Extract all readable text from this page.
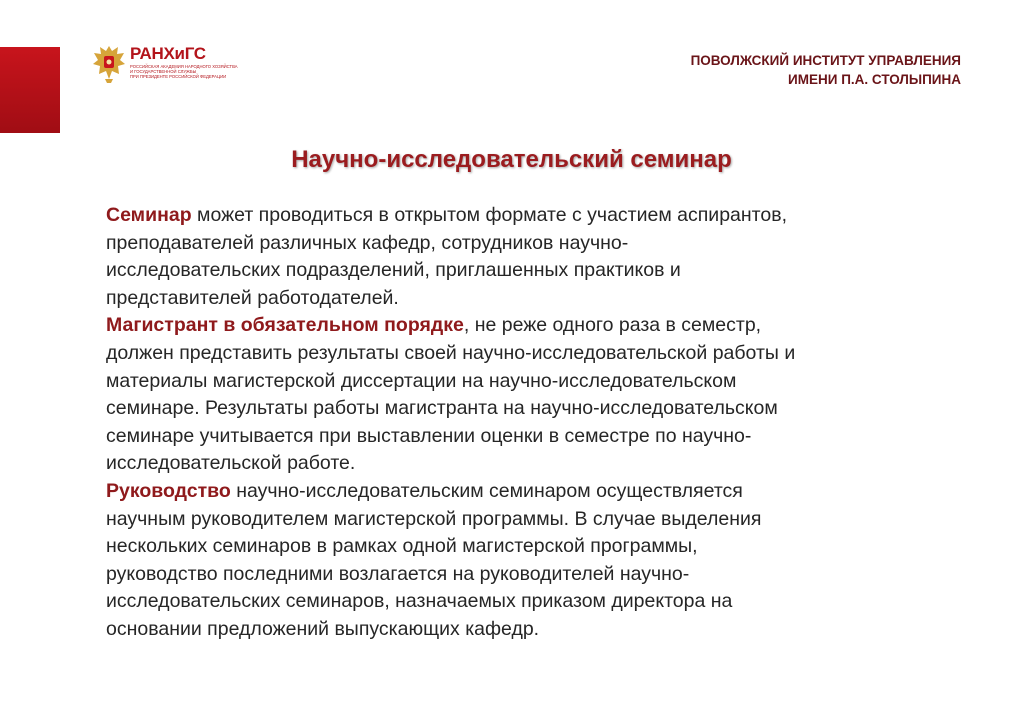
РАНХиГС
РОССИЙСКАЯ АКАДЕМИЯ НАРОДНОГО ХОЗЯЙСТВА
И ГОСУДАРСТВЕННОЙ СЛУЖБЫ
ПРИ ПРЕЗИДЕНТЕ РОССИЙСКОЙ ФЕДЕРАЦИИ
ПОВОЛЖСКИЙ ИНСТИТУТ УПРАВЛЕНИЯ
ИМЕНИ П.А. СТОЛЫПИНА
Научно-исследовательский семинар
Семинар может проводиться в открытом формате с участием аспирантов,
преподавателей различных кафедр, сотрудников научно-
исследовательских подразделений, приглашенных практиков и
представителей работодателей.
Магистрант в обязательном порядке, не реже одного раза в семестр,
должен представить результаты своей научно-исследовательской работы и
материалы магистерской диссертации на научно-исследовательском
семинаре. Результаты работы магистранта на научно-исследовательском
семинаре учитывается при выставлении оценки в семестре по научно-
исследовательской работе.
Руководство научно-исследовательским семинаром осуществляется
научным руководителем магистерской программы. В случае выделения
нескольких семинаров в рамках одной магистерской программы,
руководство последними возлагается на руководителей научно-
исследовательских семинаров, назначаемых приказом директора на
основании предложений выпускающих кафедр.
